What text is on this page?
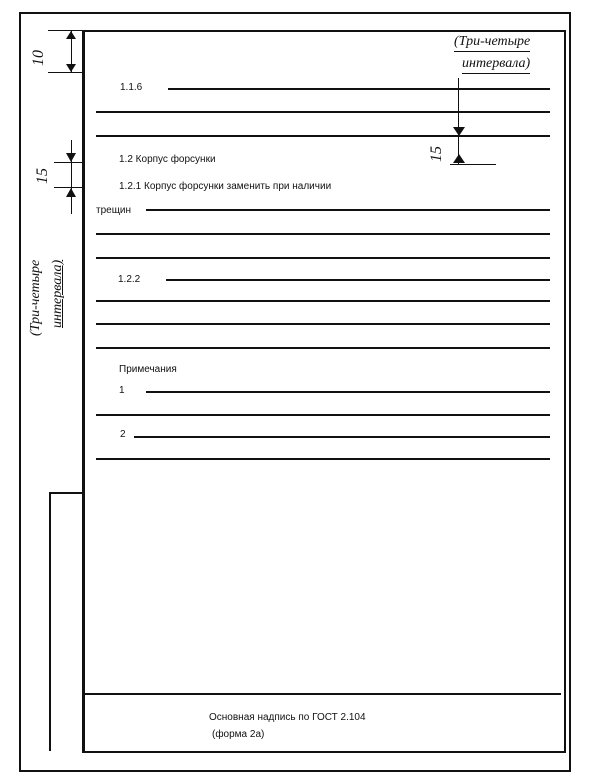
10
15
(Три-четыре интервала)
(Три-четыре
интервала)
15
1.1.6
1.2 Корпус форсунки
1.2.1 Корпус форсунки заменить при наличии
трещин
1.2.2
Примечания
1
2
Основная надпись по ГОСТ 2.104
(форма 2а)
